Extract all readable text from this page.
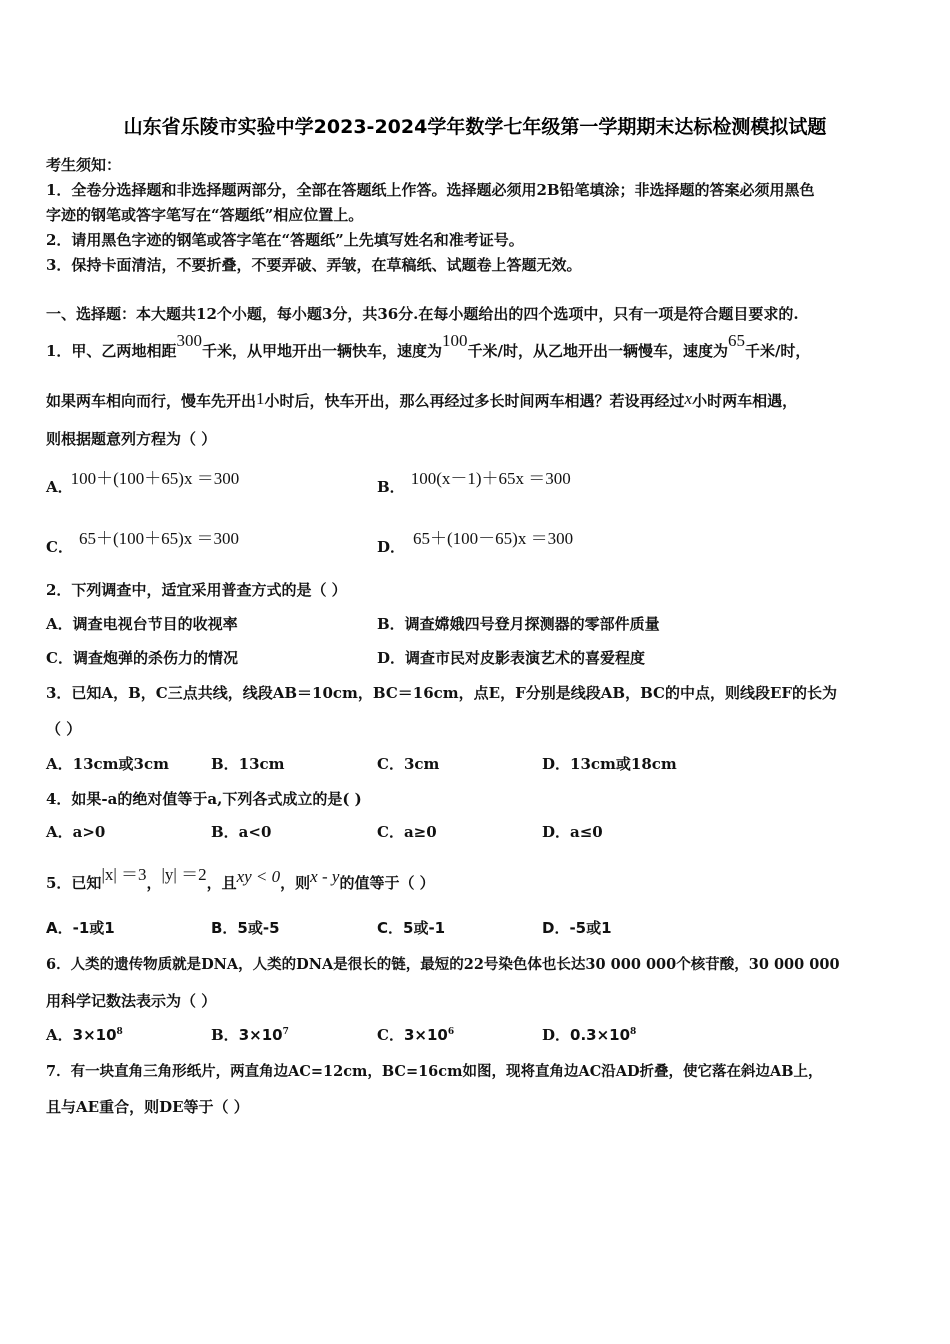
山东省乐陵市实验中学2023-2024学年数学七年级第一学期期末达标检测模拟试题
考生须知：
1．全卷分选择题和非选择题两部分，全部在答题纸上作答。选择题必须用2B铅笔填涂；非选择题的答案必须用黑色
字迹的钢笔或答字笔写在“答题纸”相应位置上。
2．请用黑色字迹的钢笔或答字笔在“答题纸”上先填写姓名和准考证号。
3．保持卡面清洁，不要折叠，不要弄破、弄皱，在草稿纸、试题卷上答题无效。
一、选择题：本大题共12个小题，每小题3分，共36分.在每小题给出的四个选项中，只有一项是符合题目要求的.
1．甲、乙两地相距300千米，从甲地开出一辆快车，速度为100千米/时，从乙地开出一辆慢车，速度为65千米/时，
如果两车相向而行，慢车先开出1小时后，快车开出，那么再经过多长时间两车相遇？若设再经过x小时两车相遇，
则根据题意列方程为（ ）
A．100＋(100＋65)x ＝300	B． 100(x－1)＋65x ＝300
C． 65＋(100＋65)x ＝300	D． 65＋(100－65)x ＝300
2．下列调查中，适宜采用普查方式的是（ ）
A．调查电视台节目的收视率	B．调查嫦娥四号登月探测器的零部件质量
C．调查炮弹的杀伤力的情况	D．调查市民对皮影表演艺术的喜爱程度
3．已知A，B，C三点共线，线段AB＝10cm，BC＝16cm，点E，F分别是线段AB，BC的中点，则线段EF的长为
（ ）
A．13cm或3cm	B．13cm	C．3cm	D．13cm或18cm
4．如果-a的绝对值等于a,下列各式成立的是( )
A．a>0	B．a<0	C．a≥0	D．a≤0
5．已知|x| ＝3，|y| ＝2，且xy < 0，则x - y的值等于（ ）
A．-1或1	B．5或-5	C．5或-1	D．-5或1
6．人类的遗传物质就是DNA，人类的DNA是很长的链，最短的22号染色体也长达30 000 000个核苷酸，30 000 000
用科学记数法表示为（ ）
A．$3\times 10^8$	B．$3\times 10^7$	C．$3\times 10^6$	D．$0.3\times 10^8$
7．有一块直角三角形纸片，两直角边AC=12cm，BC=16cm如图，现将直角边AC沿AD折叠，使它落在斜边AB上，
且与AE重合，则DE等于（ ）
